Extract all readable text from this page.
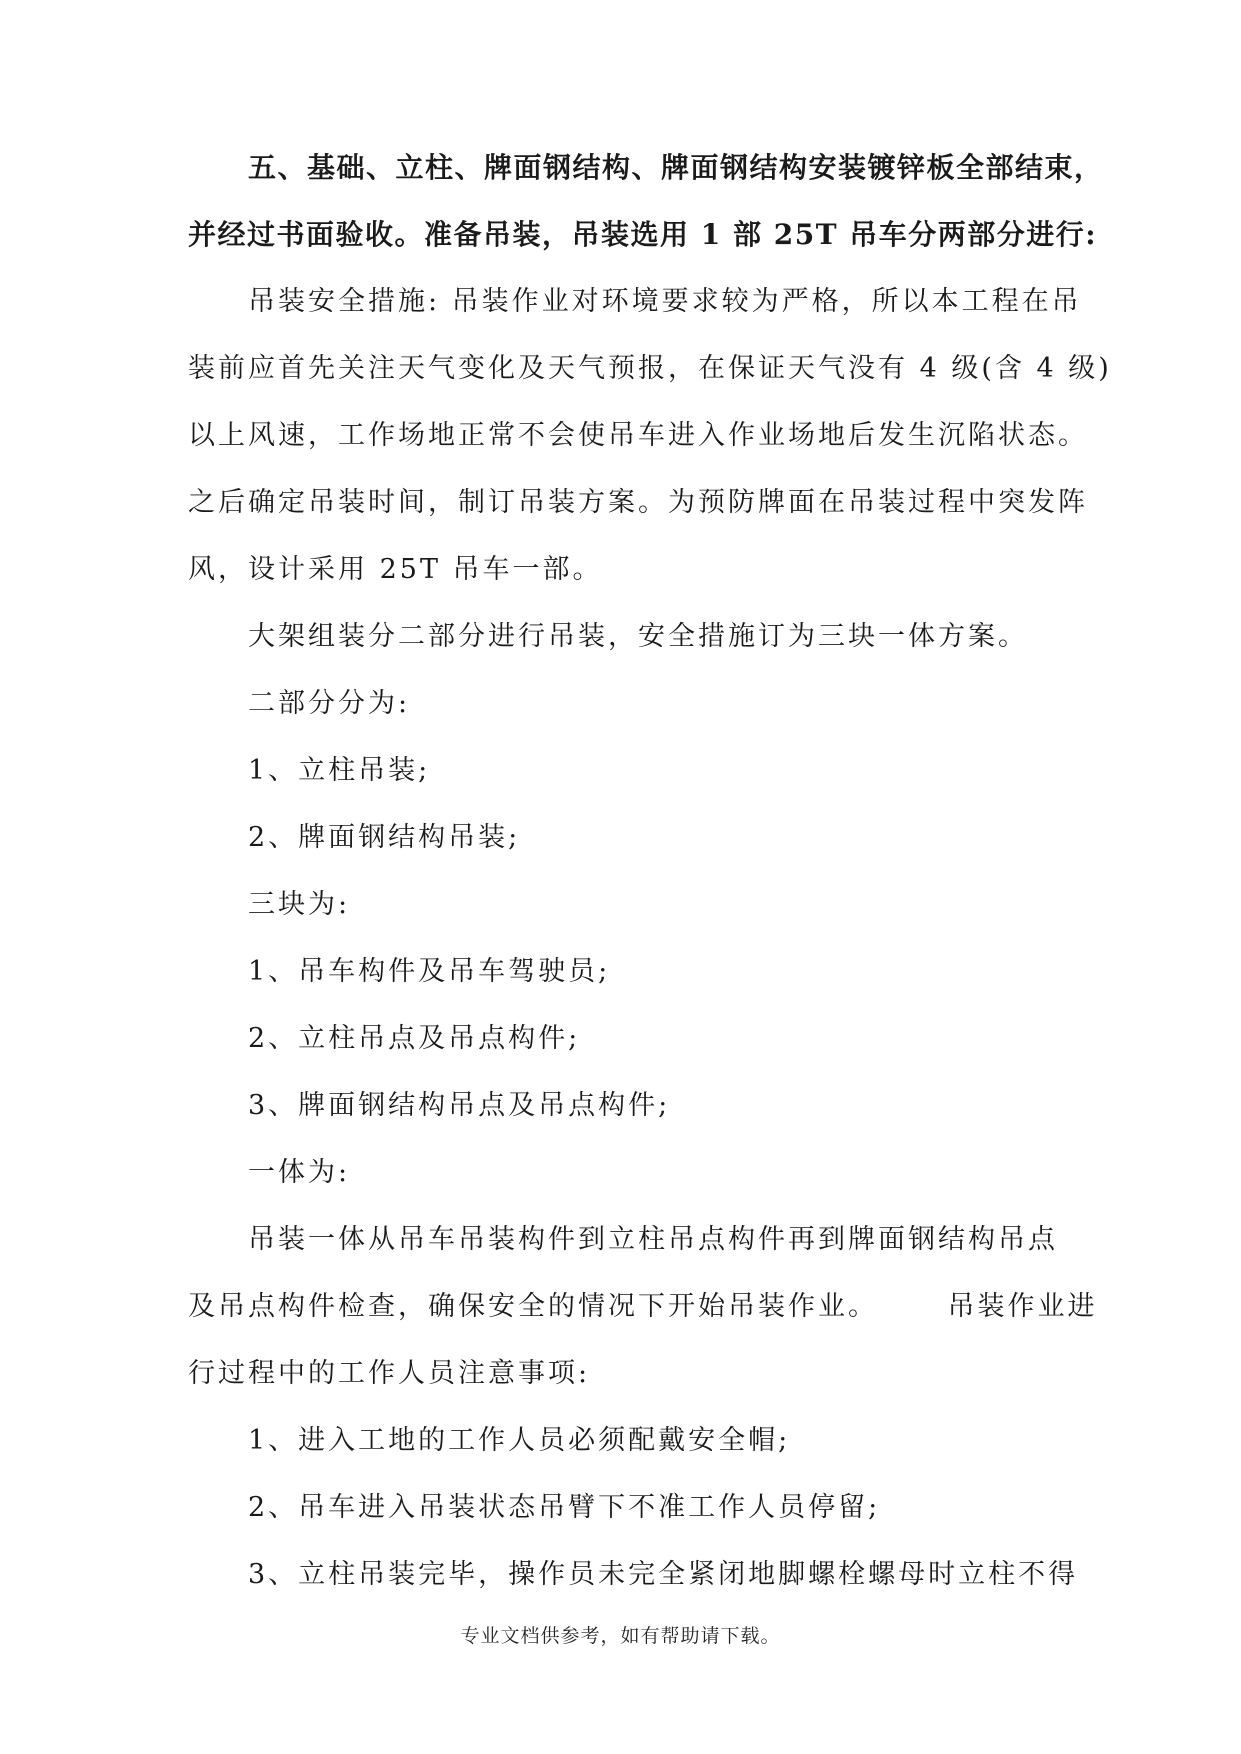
五、基础、立柱、牌面钢结构、牌面钢结构安装镀锌板全部结束，
并经过书面验收。准备吊装，吊装选用 1 部 25T 吊车分两部分进行:
吊装安全措施: 吊装作业对环境要求较为严格，所以本工程在吊
装前应首先关注天气变化及天气预报，在保证天气没有 4 级(含 4 级)
以上风速，工作场地正常不会使吊车进入作业场地后发生沉陷状态。
之后确定吊装时间，制订吊装方案。为预防牌面在吊装过程中突发阵
风，设计采用 25T 吊车一部。
大架组装分二部分进行吊装，安全措施订为三块一体方案。
二部分分为:
1、立柱吊装;
2、牌面钢结构吊装;
三块为:
1、吊车构件及吊车驾驶员;
2、立柱吊点及吊点构件;
3、牌面钢结构吊点及吊点构件;
一体为:
吊装一体从吊车吊装构件到立柱吊点构件再到牌面钢结构吊点
及吊点构件检查，确保安全的情况下开始吊装作业。      吊装作业进
行过程中的工作人员注意事项:
1、进入工地的工作人员必须配戴安全帽;
2、吊车进入吊装状态吊臂下不准工作人员停留;
3、立柱吊装完毕，操作员未完全紧闭地脚螺栓螺母时立柱不得
专业文档供参考，如有帮助请下载。
